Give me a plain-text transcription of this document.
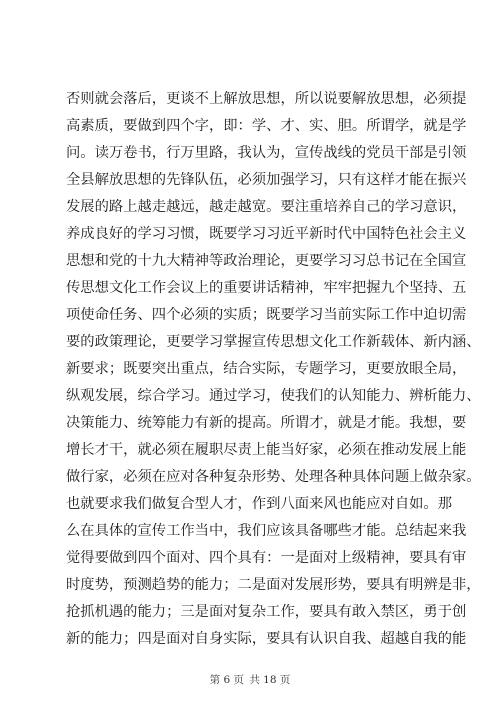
否则就会落后，更谈不上解放思想，所以说要解放思想，必须提
高素质，要做到四个字，即：学、才、实、胆。所谓学，就是学
问。读万卷书，行万里路，我认为，宣传战线的党员干部是引领
全县解放思想的先锋队伍，必须加强学习，只有这样才能在振兴
发展的路上越走越远，越走越宽。要注重培养自己的学习意识，
养成良好的学习习惯，既要学习习近平新时代中国特色社会主义
思想和党的十九大精神等政治理论，更要学习习总书记在全国宣
传思想文化工作会议上的重要讲话精神，牢牢把握九个坚持、五
项使命任务、四个必须的实质；既要学习当前实际工作中迫切需
要的政策理论，更要学习掌握宣传思想文化工作新载体、新内涵、
新要求；既要突出重点，结合实际，专题学习，更要放眼全局，
纵观发展，综合学习。通过学习，使我们的认知能力、辨析能力、
决策能力、统筹能力有新的提高。所谓才，就是才能。我想，要
增长才干，就必须在履职尽责上能当好家，必须在推动发展上能
做行家，必须在应对各种复杂形势、处理各种具体问题上做杂家。
也就要求我们做复合型人才，作到八面来风也能应对自如。那
么在具体的宣传工作当中，我们应该具备哪些才能。总结起来我
觉得要做到四个面对、四个具有：一是面对上级精神，要具有审
时度势，预测趋势的能力；二是面对发展形势，要具有明辨是非，
抢抓机遇的能力；三是面对复杂工作，要具有敢入禁区，勇于创
新的能力；四是面对自身实际，要具有认识自我、超越自我的能
第 6 页 共 18 页
